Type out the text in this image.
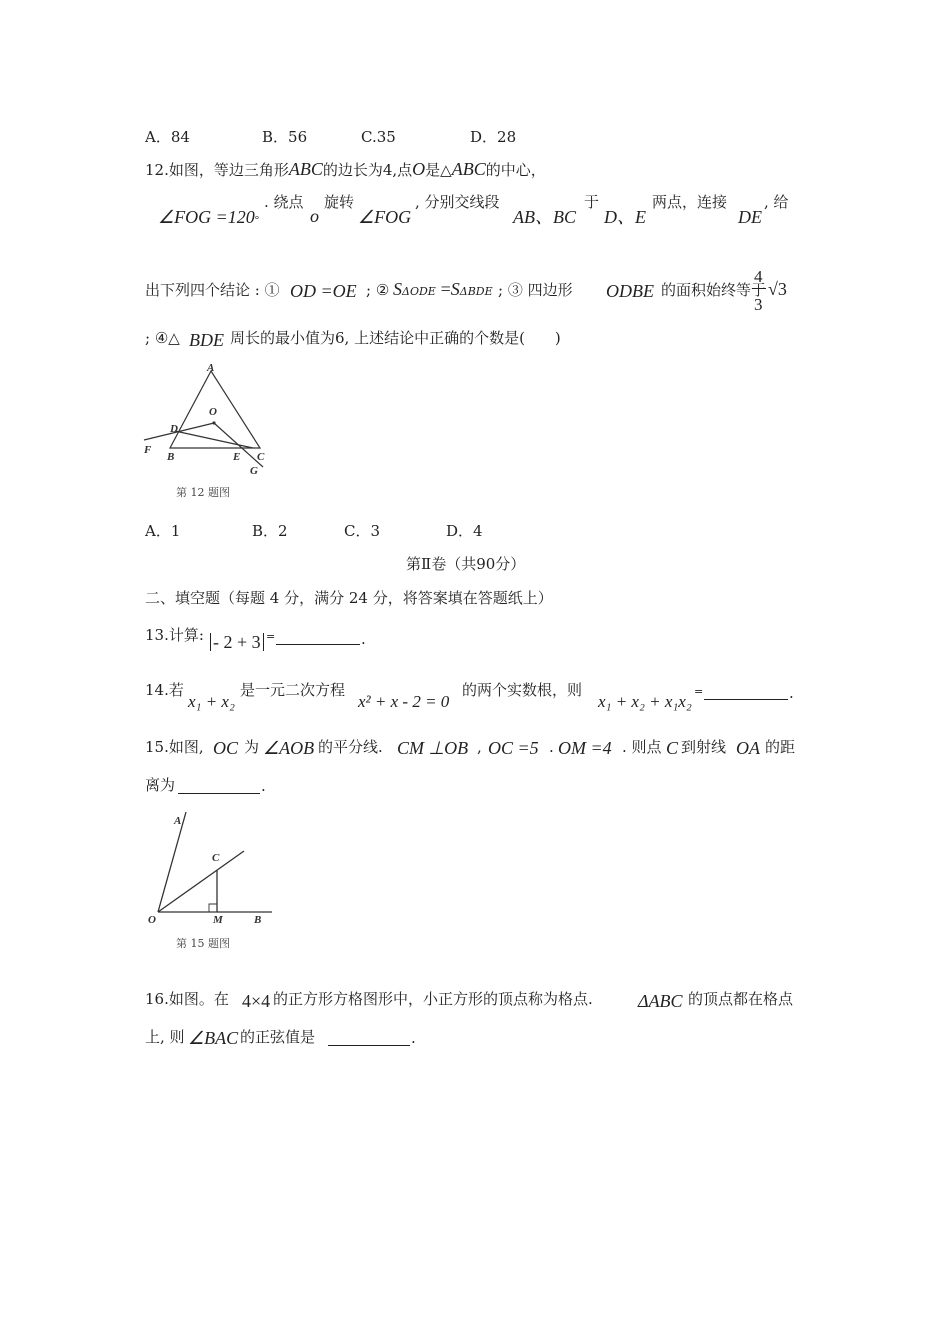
A．84	B．56	C.35	D．28
12.如图，等边三角形ABC的边长为4,点O是△ABC的中心，
∠FOG =120°
. 绕点
o
旋转
∠FOG
, 分别交线段
AB、BC
于
D、E
两点，连接
DE
, 给
出下列四个结论 : ① OD =OE ; ② SΔODE =SΔBDE ; ③ 四边形 ODBE 的面积始终等于
4
3
√3
; ④△ BDE 周长的最小值为6, 上述结论中正确的个数是(　　)
A
O
D
F
B	E C
G
第 12 题图
A．1	B．2	C．3	D．4
第Ⅱ卷（共90分）
二、填空题（每题 4 分，满分 24 分，将答案填在答题纸上）
13.计算: - 2 + 3 =	.
14.若
x₁ + x₂
是一元二次方程
x² + x - 2 = 0
的两个实数根，则
x₁ + x₂ + x₁x₂
=	.
15.如图, OC 为 ∠AOB 的平分线. CM ⊥OB , OC =5 . OM =4 . 则点 C 到射线 OA 的距
离为	.
A
C
O	M	B
第 15 题图
16.如图。在 4×4 的正方形方格图形中，小正方形的顶点称为格点.	ΔABC 的顶点都在格点
上, 则 ∠BAC 的正弦值是	.
